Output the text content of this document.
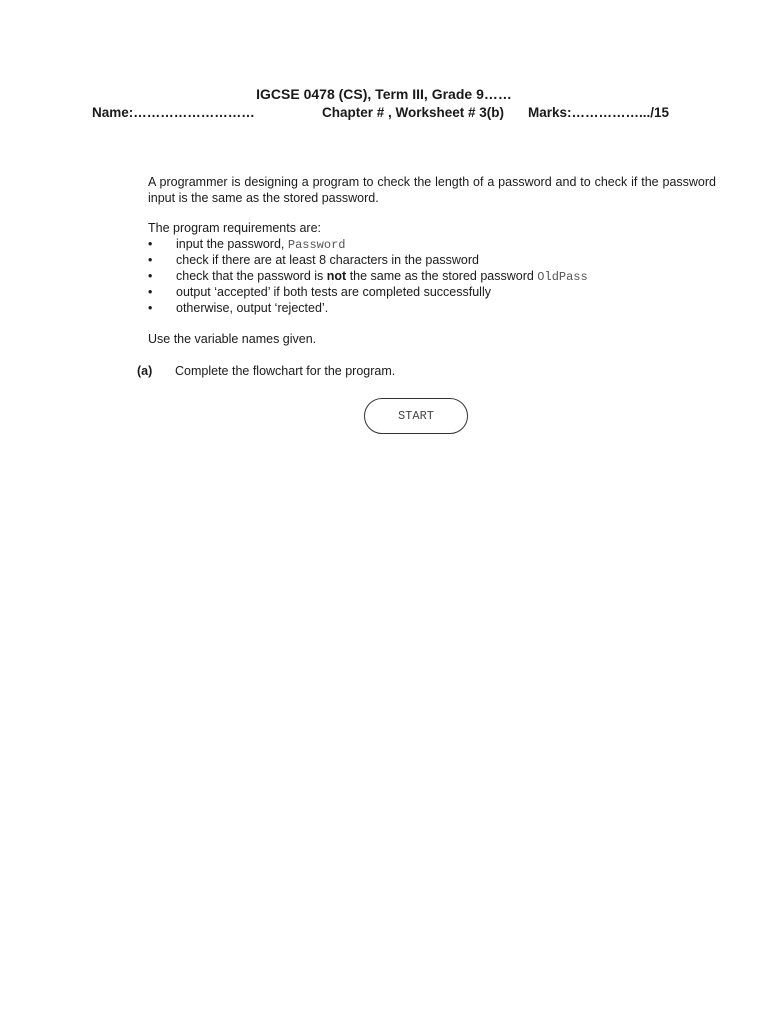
IGCSE 0478 (CS), Term III, Grade 9……
Name:………………………	Chapter # , Worksheet # 3(b) Marks:…………….../15

A programmer is designing a program to check the length of a password and to check if the password input is the same as the stored password.

The program requirements are:

• input the password, Password
• check if there are at least 8 characters in the password
• check that the password is not the same as the stored password OldPass
• output ‘accepted’ if both tests are completed successfully
• otherwise, output ‘rejected’.

Use the variable names given.

(a) Complete the flowchart for the program.

START
